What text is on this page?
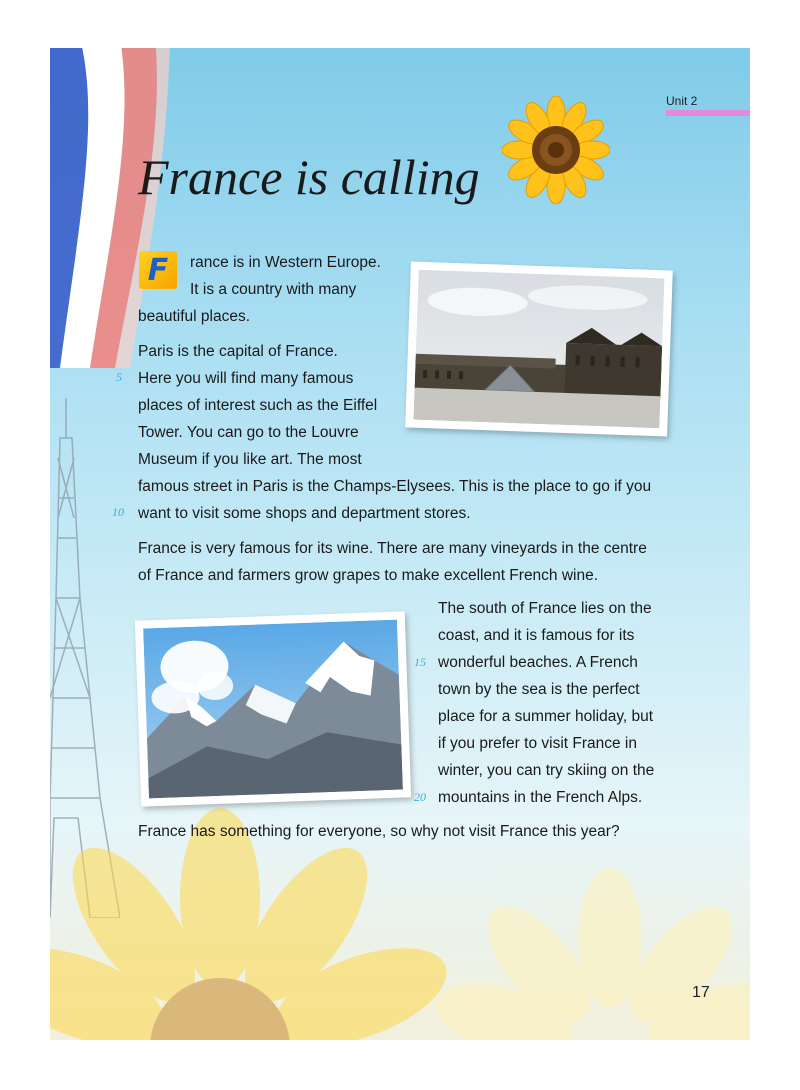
Unit 2
France is calling
F	rance is in Western Europe.

It is a country with many

beautiful places.

Paris is the capital of France.

Here you will find many famous

places of interest such as the Eiffel

Tower. You can go to the Louvre

Museum if you like art. The most

famous street in Paris is the Champs-Elysees. This is the place to go if you

want to visit some shops and department stores.

5
10

France is very famous for its wine. There are many vineyards in the centre

of France and farmers grow grapes to make excellent French wine.

The south of France lies on the

coast, and it is famous for its

wonderful beaches. A French

town by the sea is the perfect

place for a summer holiday, but

if you prefer to visit France in

winter, you can try skiing on the

mountains in the French Alps.

15
20

France has something for everyone, so why not visit France this year?

17
